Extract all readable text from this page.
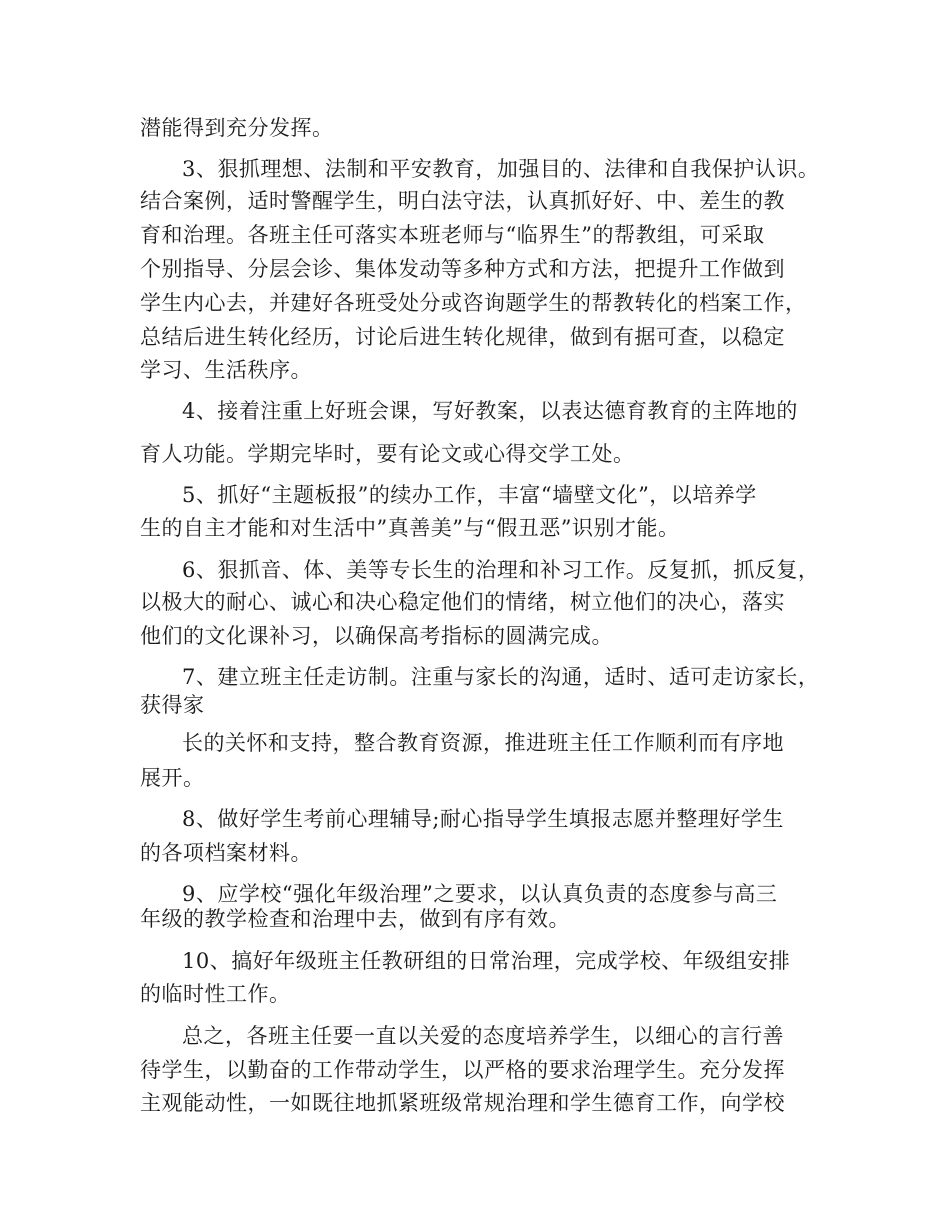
潜能得到充分发挥。
3、狠抓理想、法制和平安教育，加强目的、法律和自我保护认识。
结合案例，适时警醒学生，明白法守法，认真抓好好、中、差生的教
育和治理。各班主任可落实本班老师与“临界生”的帮教组，可采取
个别指导、分层会诊、集体发动等多种方式和方法，把提升工作做到
学生内心去，并建好各班受处分或咨询题学生的帮教转化的档案工作，
总结后进生转化经历，讨论后进生转化规律，做到有据可查，以稳定
学习、生活秩序。
4、接着注重上好班会课，写好教案，以表达德育教育的主阵地的
育人功能。学期完毕时，要有论文或心得交学工处。
5、抓好“主题板报”的续办工作，丰富“墙壁文化”，以培养学
生的自主才能和对生活中”真善美”与“假丑恶”识别才能。
6、狠抓音、体、美等专长生的治理和补习工作。反复抓，抓反复，
以极大的耐心、诚心和决心稳定他们的情绪，树立他们的决心，落实
他们的文化课补习，以确保高考指标的圆满完成。
7、建立班主任走访制。注重与家长的沟通，适时、适可走访家长，
获得家
长的关怀和支持，整合教育资源，推进班主任工作顺利而有序地
展开。
8、做好学生考前心理辅导;耐心指导学生填报志愿并整理好学生
的各项档案材料。
9、应学校“强化年级治理”之要求，以认真负责的态度参与高三
年级的教学检查和治理中去，做到有序有效。
10、搞好年级班主任教研组的日常治理，完成学校、年级组安排
的临时性工作。
总之，各班主任要一直以关爱的态度培养学生，以细心的言行善
待学生，以勤奋的工作带动学生，以严格的要求治理学生。充分发挥
主观能动性，一如既往地抓紧班级常规治理和学生德育工作，向学校
